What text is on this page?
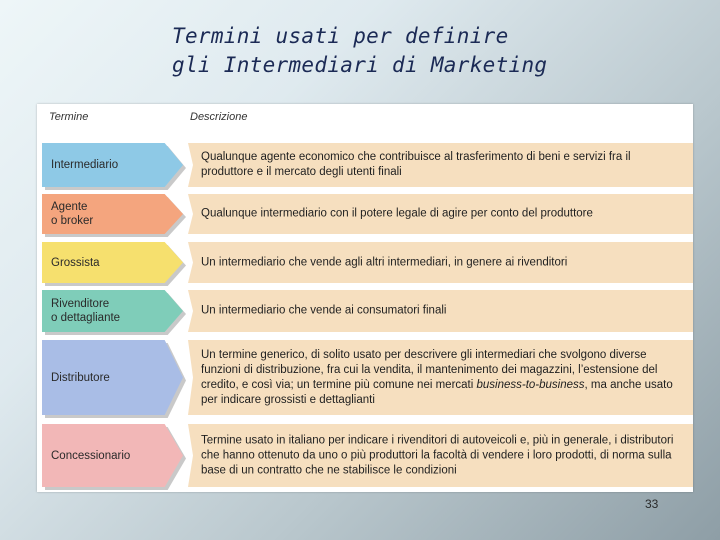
Termini usati per definire
gli Intermediari di Marketing
Termine	Descrizione
Intermediario
Qualunque agente economico che contribuisce al trasferimento di beni e servizi fra il produttore e il mercato degli utenti finali
Agente
o broker
Qualunque intermediario con il potere legale di agire per conto del produttore
Grossista	Un intermediario che vende agli altri intermediari, in genere ai rivenditori
Rivenditore
o dettagliante
Un intermediario che vende ai consumatori finali
Distributore
Un termine generico, di solito usato per descrivere gli intermediari che svolgono diverse funzioni di distribuzione, fra cui la vendita, il mantenimento dei magazzini, l’estensione del credito, e così via; un termine più comune nei mercati business-to-business, ma anche usato per indicare grossisti e dettaglianti
Concessionario
Termine usato in italiano per indicare i rivenditori di autoveicoli e, più in generale, i distributori che hanno ottenuto da uno o più produttori la facoltà di vendere i loro prodotti, di norma sulla base di un contratto che ne stabilisce le condizioni
33
